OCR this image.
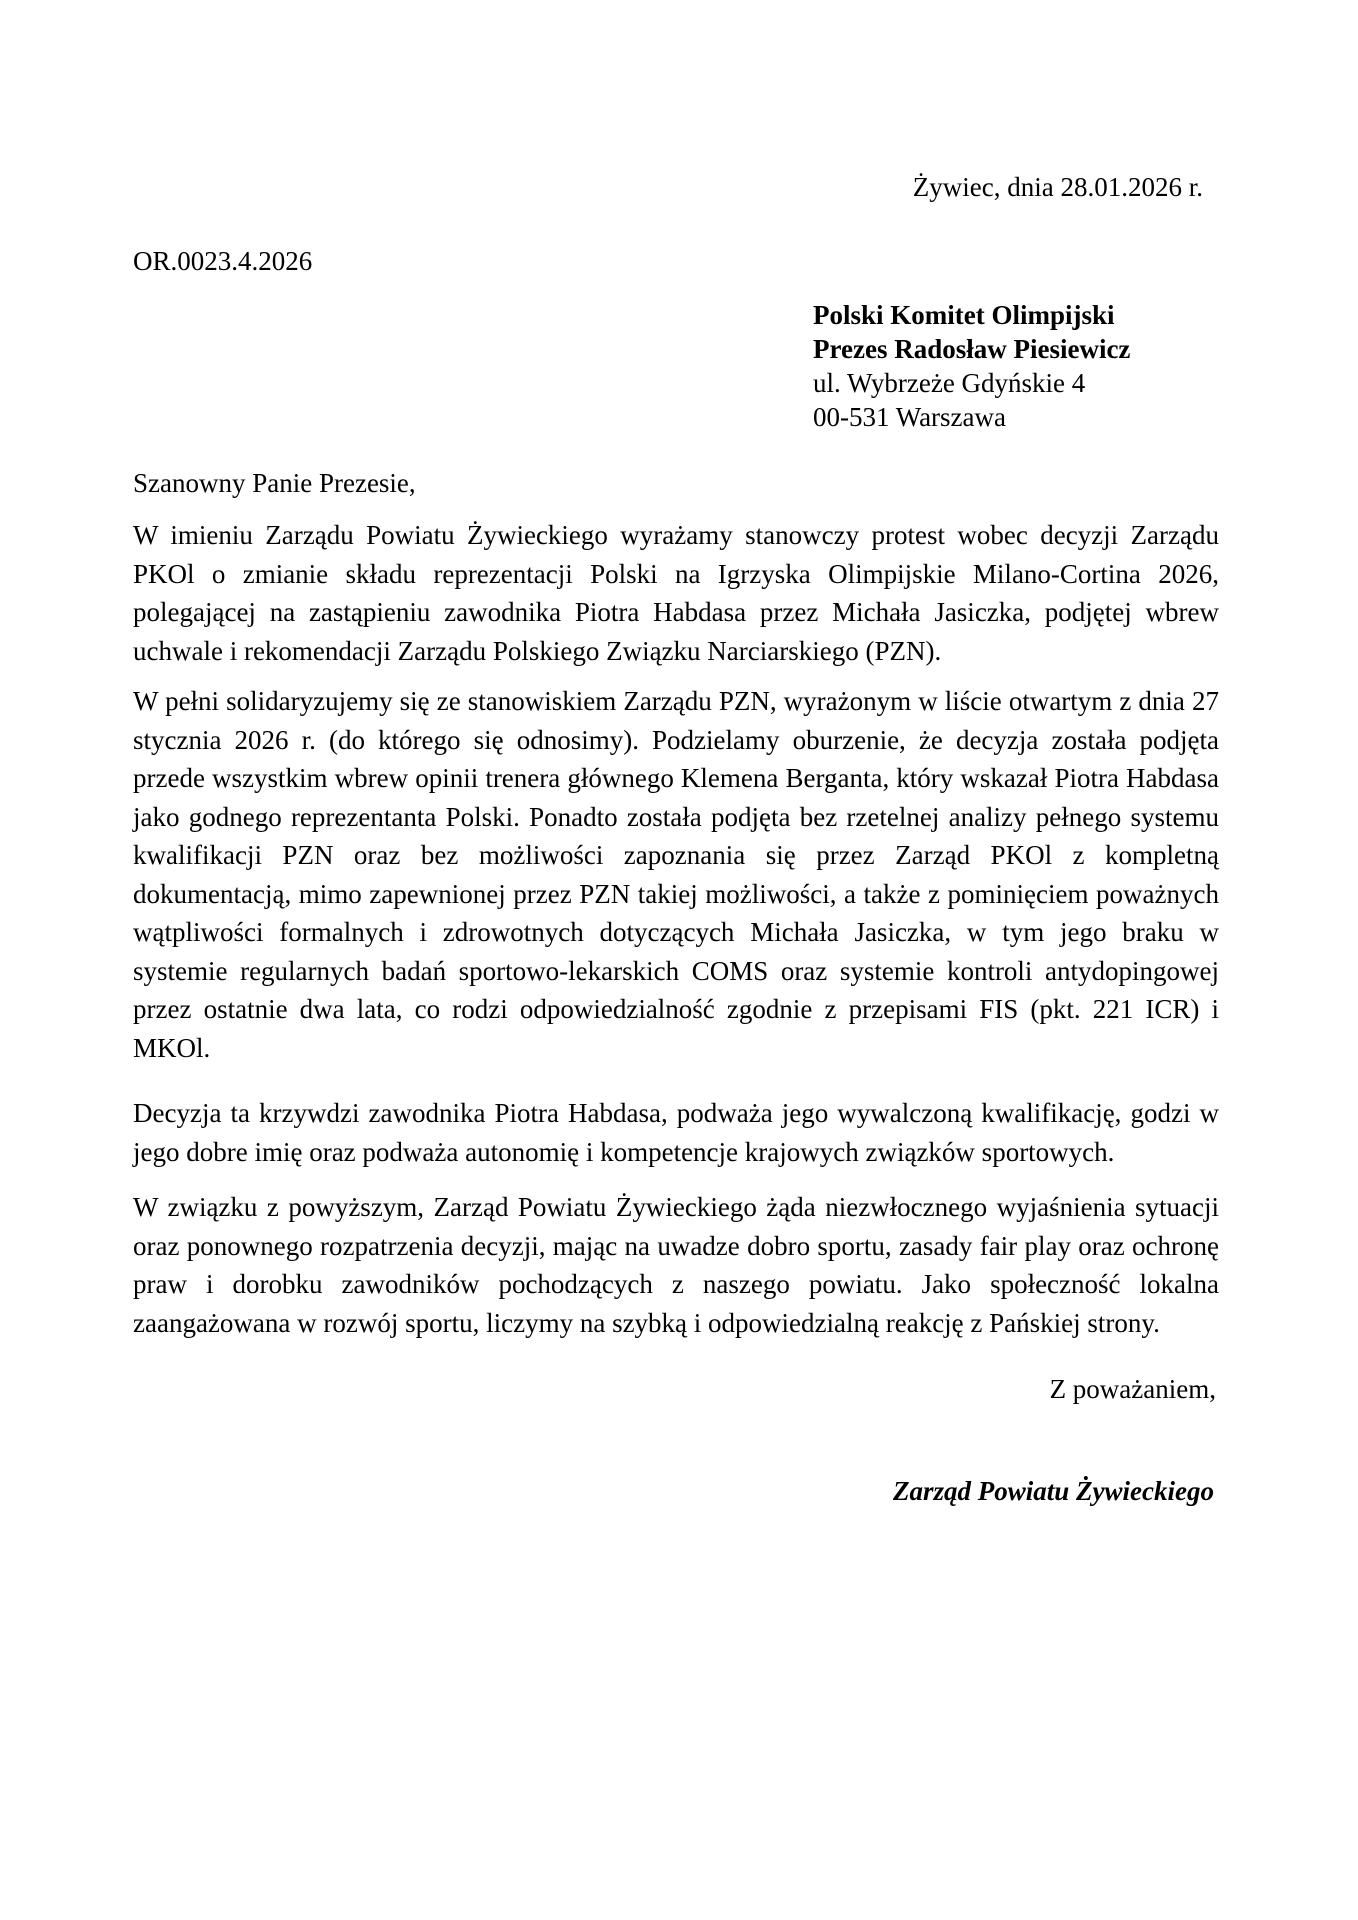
Żywiec, dnia 28.01.2026 r.
OR.0023.4.2026
Polski Komitet Olimpijski
Prezes Radosław Piesiewicz
ul. Wybrzeże Gdyńskie 4
00-531 Warszawa
Szanowny Panie Prezesie,

W imieniu Zarządu Powiatu Żywieckiego wyrażamy stanowczy protest wobec decyzji Zarządu PKOl o zmianie składu reprezentacji Polski na Igrzyska Olimpijskie Milano-Cortina 2026, polegającej na zastąpieniu zawodnika Piotra Habdasa przez Michała Jasiczka, podjętej wbrew uchwale i rekomendacji Zarządu Polskiego Związku Narciarskiego (PZN).

W pełni solidaryzujemy się ze stanowiskiem Zarządu PZN, wyrażonym w liście otwartym z dnia 27 stycznia 2026 r. (do którego się odnosimy). Podzielamy oburzenie, że decyzja została podjęta przede wszystkim wbrew opinii trenera głównego Klemena Berganta, który wskazał Piotra Habdasa jako godnego reprezentanta Polski. Ponadto została podjęta bez rzetelnej analizy pełnego systemu kwalifikacji PZN oraz bez możliwości zapoznania się przez Zarząd PKOl z kompletną dokumentacją, mimo zapewnionej przez PZN takiej możliwości, a także z pominięciem poważnych wątpliwości formalnych i zdrowotnych dotyczących Michała Jasiczka, w tym jego braku w systemie regularnych badań sportowo-lekarskich COMS oraz systemie kontroli antydopingowej przez ostatnie dwa lata, co rodzi odpowiedzialność zgodnie z przepisami FIS (pkt. 221 ICR) i MKOl.

Decyzja ta krzywdzi zawodnika Piotra Habdasa, podważa jego wywalczoną kwalifikację, godzi w jego dobre imię oraz podważa autonomię i kompetencje krajowych związków sportowych.

W związku z powyższym, Zarząd Powiatu Żywieckiego żąda niezwłocznego wyjaśnienia sytuacji oraz ponownego rozpatrzenia decyzji, mając na uwadze dobro sportu, zasady fair play oraz ochronę praw i dorobku zawodników pochodzących z naszego powiatu. Jako społeczność lokalna zaangażowana w rozwój sportu, liczymy na szybką i odpowiedzialną reakcję z Pańskiej strony.

Z poważaniem,
Zarząd Powiatu Żywieckiego
